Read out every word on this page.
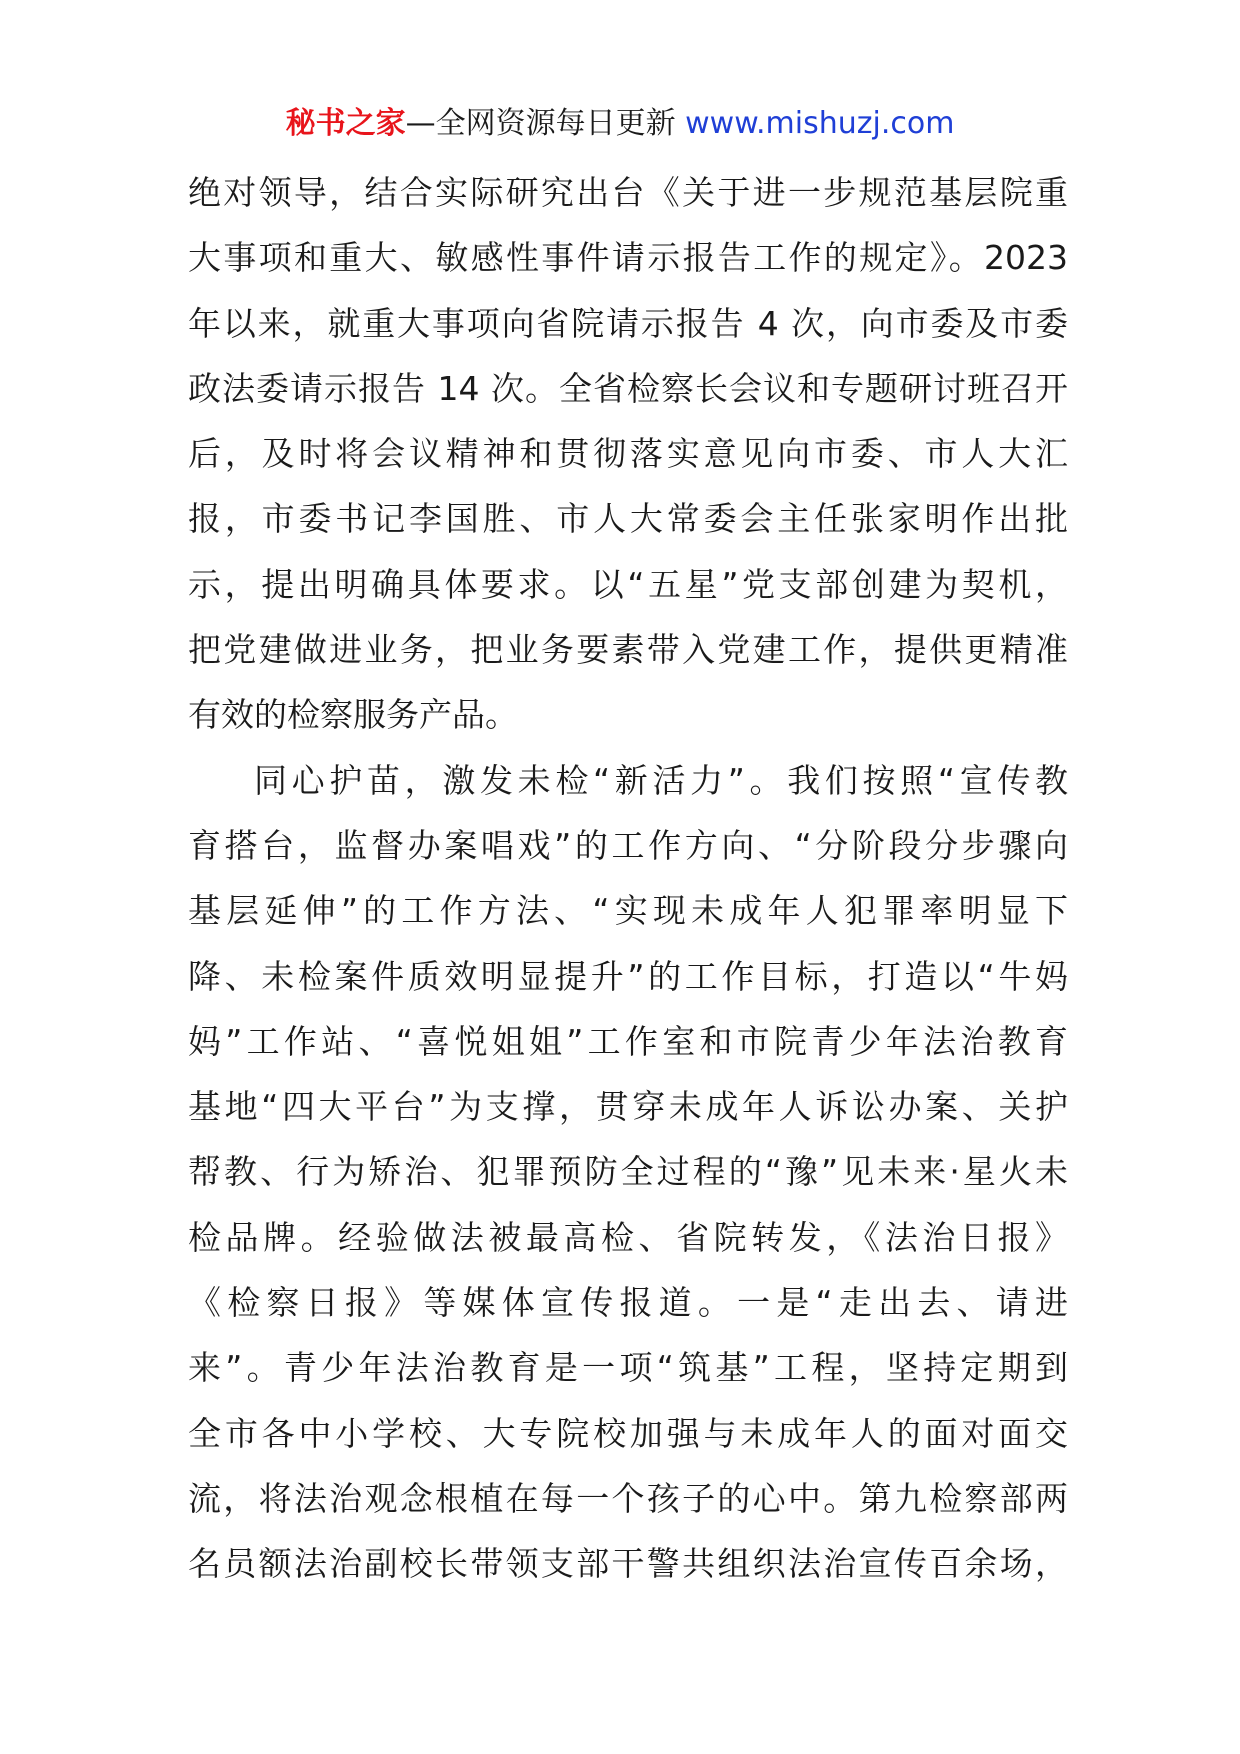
秘书之家—全网资源每日更新 www.mishuzj.com
绝对领导，结合实际研究出台《关于进一步规范基层院重
大事项和重大、敏感性事件请示报告工作的规定》。2023
年以来，就重大事项向省院请示报告 4 次，向市委及市委
政法委请示报告 14 次。全省检察长会议和专题研讨班召开
后，及时将会议精神和贯彻落实意见向市委、市人大汇
报，市委书记李国胜、市人大常委会主任张家明作出批
示，提出明确具体要求。以“五星”党支部创建为契机，
把党建做进业务，把业务要素带入党建工作，提供更精准
有效的检察服务产品。
同心护苗，激发未检“新活力”。我们按照“宣传教
育搭台，监督办案唱戏”的工作方向、“分阶段分步骤向
基层延伸”的工作方法、“实现未成年人犯罪率明显下
降、未检案件质效明显提升”的工作目标，打造以“牛妈
妈”工作站、“喜悦姐姐”工作室和市院青少年法治教育
基地“四大平台”为支撑，贯穿未成年人诉讼办案、关护
帮教、行为矫治、犯罪预防全过程的“豫”见未来·星火未
检品牌。经验做法被最高检、省院转发，《法治日报》
《检察日报》等媒体宣传报道。一是“走出去、请进
来”。青少年法治教育是一项“筑基”工程，坚持定期到
全市各中小学校、大专院校加强与未成年人的面对面交
流，将法治观念根植在每一个孩子的心中。第九检察部两
名员额法治副校长带领支部干警共组织法治宣传百余场，
